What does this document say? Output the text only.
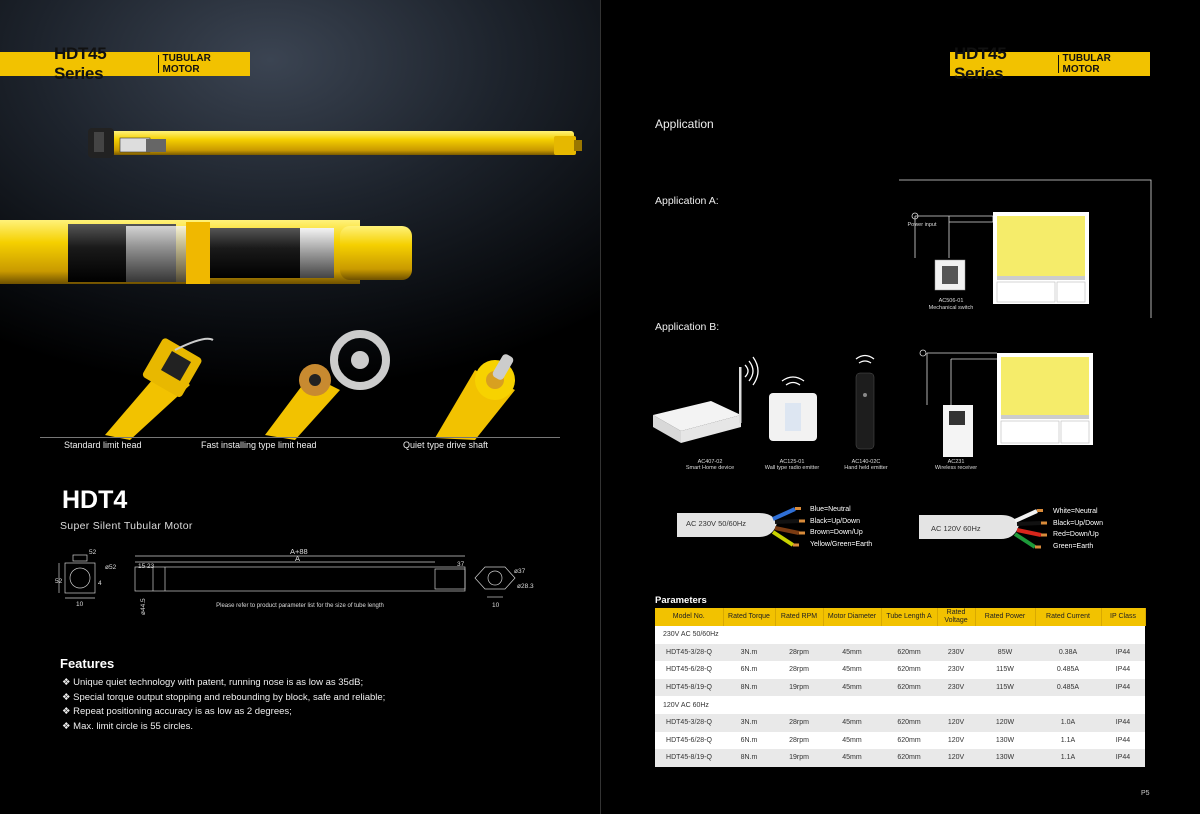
HDT45 Series
TUBULAR MOTOR
Standard limit head	Fast installing type limit head	Quiet type drive shaft
HDT4
Super Silent Tubular Motor
52
ø52
52
10
4
A+88
A
15 23	37
ø44.5
ø37
ø28.3
10
Please refer to product parameter list for the size of tube length
Features
❖ Unique quiet technology with patent, running nose is as low as 35dB;
❖ Special torque output stopping and rebounding by block, safe and reliable;
❖ Repeat positioning accuracy is as low as 2 degrees;
❖ Max. limit circle is 55 circles.
HDT45 Series
TUBULAR MOTOR
Application
Application A:
Power input
AC506-01
Mechanical switch
Application B:
AC407-02
Smart Home device
AC125-01
Wall type radio emitter
AC140-02C
Hand held emitter
AC231
Wireless receiver
AC 230V 50/60Hz
Blue=Neutral
Black=Up/Down
Brown=Down/Up
Yellow/Green=Earth
AC 120V 60Hz
White=Neutral
Black=Up/Down
Red=Down/Up
Green=Earth
Parameters
Model No.	Rated Torque	Rated RPM	Motor Diameter	Tube Length A	Rated Voltage	Rated Power	Rated Current	IP Class
230V AC 50/60Hz								
HDT45-3/28-Q	3N.m	28rpm	45mm	620mm	230V	85W	0.38A	IP44
HDT45-6/28-Q	6N.m	28rpm	45mm	620mm	230V	115W	0.485A	IP44
HDT45-8/19-Q	8N.m	19rpm	45mm	620mm	230V	115W	0.485A	IP44
120V AC 60Hz								
HDT45-3/28-Q	3N.m	28rpm	45mm	620mm	120V	120W	1.0A	IP44
HDT45-6/28-Q	6N.m	28rpm	45mm	620mm	120V	130W	1.1A	IP44
HDT45-8/19-Q	8N.m	19rpm	45mm	620mm	120V	130W	1.1A	IP44
P5
